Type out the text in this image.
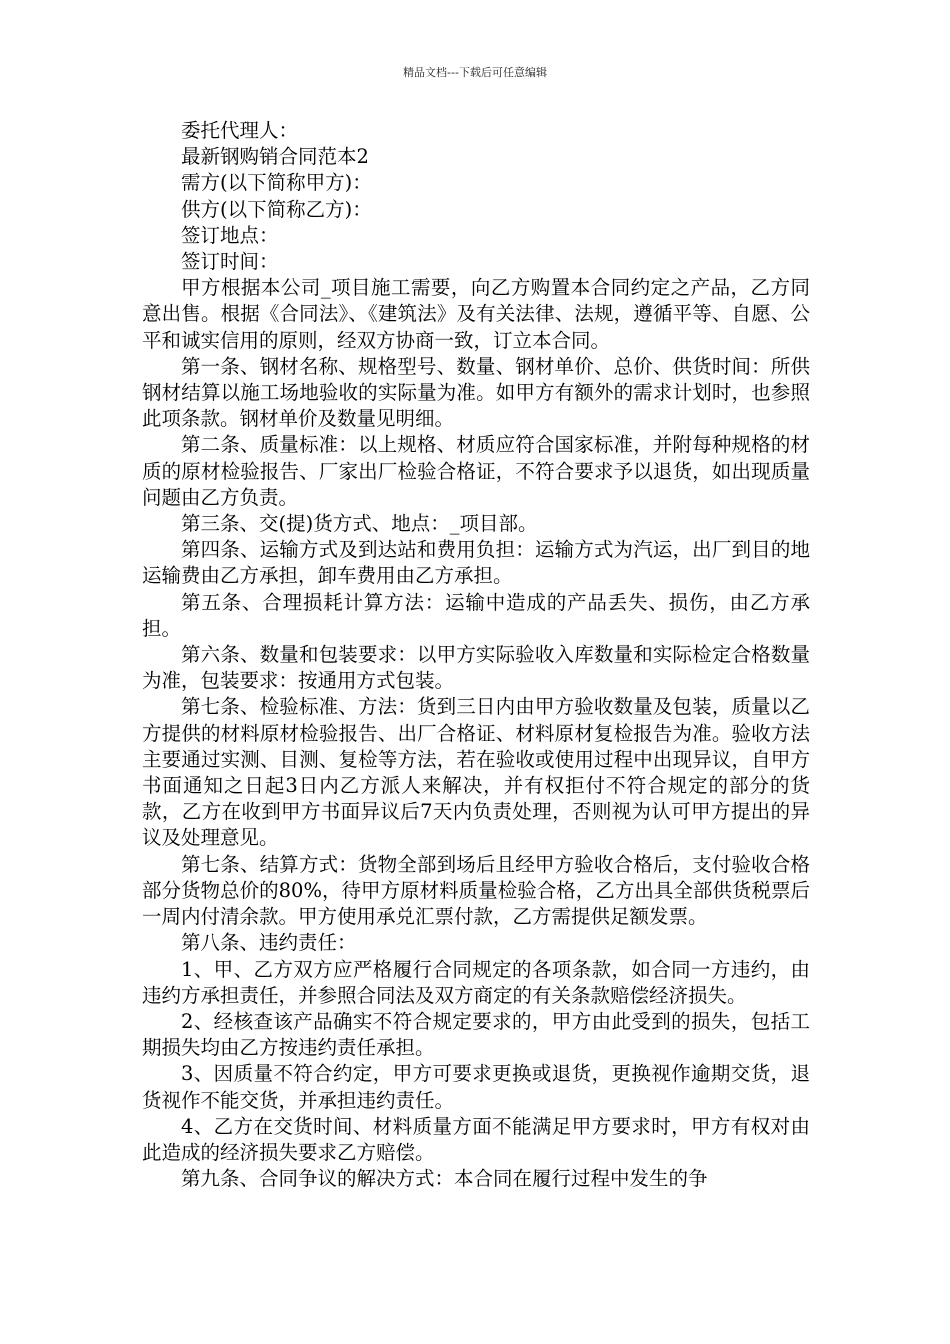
精品文档---下载后可任意编辑

委托代理人：

最新钢购销合同范本2

需方(以下简称甲方)：

供方(以下简称乙方)：

签订地点：

签订时间：

甲方根据本公司_项目施工需要，向乙方购置本合同约定之产品，乙方同意出售。根据《合同法》、《建筑法》及有关法律、法规，遵循平等、自愿、公平和诚实信用的原则，经双方协商一致，订立本合同。

第一条、钢材名称、规格型号、数量、钢材单价、总价、供货时间：所供钢材结算以施工场地验收的实际量为准。如甲方有额外的需求计划时，也参照此项条款。钢材单价及数量见明细。

第二条、质量标准：以上规格、材质应符合国家标准，并附每种规格的材质的原材检验报告、厂家出厂检验合格证，不符合要求予以退货，如出现质量问题由乙方负责。

第三条、交(提)货方式、地点：_项目部。

第四条、运输方式及到达站和费用负担：运输方式为汽运，出厂到目的地运输费由乙方承担，卸车费用由乙方承担。

第五条、合理损耗计算方法：运输中造成的产品丢失、损伤，由乙方承担。

第六条、数量和包装要求：以甲方实际验收入库数量和实际检定合格数量为准，包装要求：按通用方式包装。

第七条、检验标准、方法：货到三日内由甲方验收数量及包装，质量以乙方提供的材料原材检验报告、出厂合格证、材料原材复检报告为准。验收方法主要通过实测、目测、复检等方法，若在验收或使用过程中出现异议，自甲方书面通知之日起3日内乙方派人来解决，并有权拒付不符合规定的部分的货款，乙方在收到甲方书面异议后7天内负责处理，否则视为认可甲方提出的异议及处理意见。

第七条、结算方式：货物全部到场后且经甲方验收合格后，支付验收合格部分货物总价的80%，待甲方原材料质量检验合格，乙方出具全部供货税票后一周内付清余款。甲方使用承兑汇票付款，乙方需提供足额发票。

第八条、违约责任：

1、甲、乙方双方应严格履行合同规定的各项条款，如合同一方违约，由违约方承担责任，并参照合同法及双方商定的有关条款赔偿经济损失。

2、经核查该产品确实不符合规定要求的，甲方由此受到的损失，包括工期损失均由乙方按违约责任承担。

3、因质量不符合约定，甲方可要求更换或退货，更换视作逾期交货，退货视作不能交货，并承担违约责任。

4、乙方在交货时间、材料质量方面不能满足甲方要求时，甲方有权对由此造成的经济损失要求乙方赔偿。

第九条、合同争议的解决方式：本合同在履行过程中发生的争
